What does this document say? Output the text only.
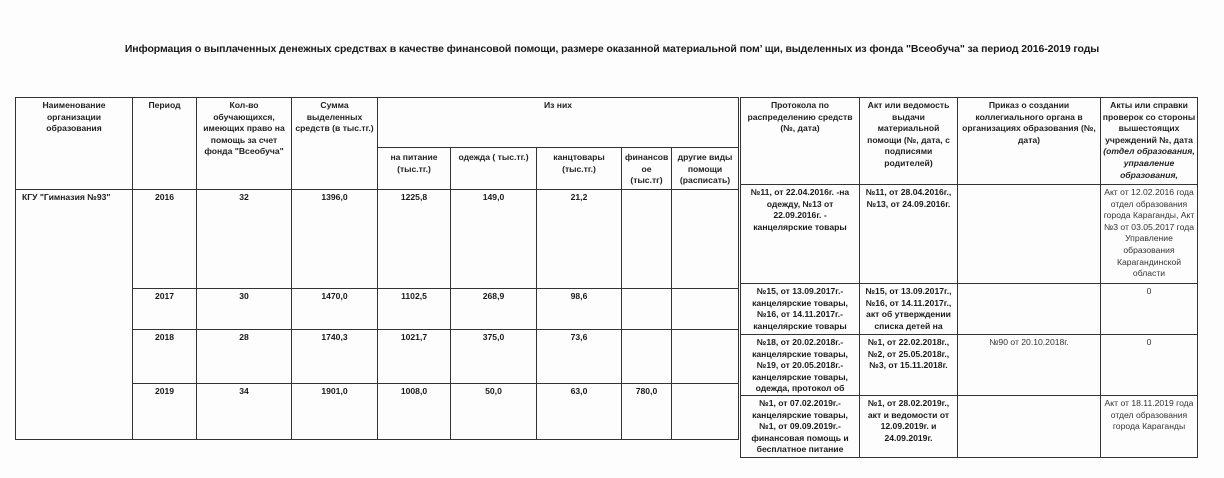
Информация о выплаченных денежных средствах в качестве финансовой помощи, размере оказанной материальной пом’ щи, выделенных из фонда "Всеобуча" за период 2016-2019 годы
Наименование организации образования	Период	Кол-во обучающихся, имеющих право на помощь за счет фонда "Всеобуча"	Сумма выделенных средств (в тыс.тг.)	Из них				
				на питание (тыс.тг.)	одежда ( тыс.тг.)	канцтовары (тыс.тг.)	финансов ое (тыс.тг)	другие виды помощи (расписать)
КГУ "Гимназия №93"	2016	32	1396,0	1225,8	149,0	21,2		
	2017	30	1470,0	1102,5	268,9	98,6		
	2018	28	1740,3	1021,7	375,0	73,6		
	2019	34	1901,0	1008,0	50,0	63,0	780,0	
Протокола по распределению средств (№, дата)	Акт или ведомость выдачи материальной помощи (№, дата, с подписями родителей)	Приказ о создании коллегиального органа в организациях образования (№, дата)	Акты или справки проверок со стороны вышестоящих учреждений №, дата (отдел образования, управление образования,

№11, от 22.04.2016г. -на одежду, №13 от 22.09.2016г. - канцелярские товары	№11, от 28.04.2016г., №13, от 24.09.2016г.		Акт от 12.02.2016 года отдел образования города Караганды, Акт №3 от 03.05.2017 года Управление образования Карагандинской области

№15, от 13.09.2017г.- канцелярские товары, №16, от 14.11.2017г.- канцелярские товары	№15, от 13.09.2017г., №16, от 14.11.2017г., акт об утверждении списка детей на		0

№18, от 20.02.2018г.- канцелярские товары, №19, от 20.05.2018г.- канцелярские товары, одежда, протокол об	№1, от 22.02.2018г., №2, от 25.05.2018г.,№3, от 15.11.2018г.	№90 от 20.10.2018г.	0

№1, от 07.02.2019г.- канцелярские товары, №1, от 09.09.2019г.- финансовая помощь и бесплатное питание	№1, от 28.02.2019г., акт и ведомости от 12.09.2019г. и 24.09.2019г.		Акт от 18.11.2019 года отдел образования города Караганды
